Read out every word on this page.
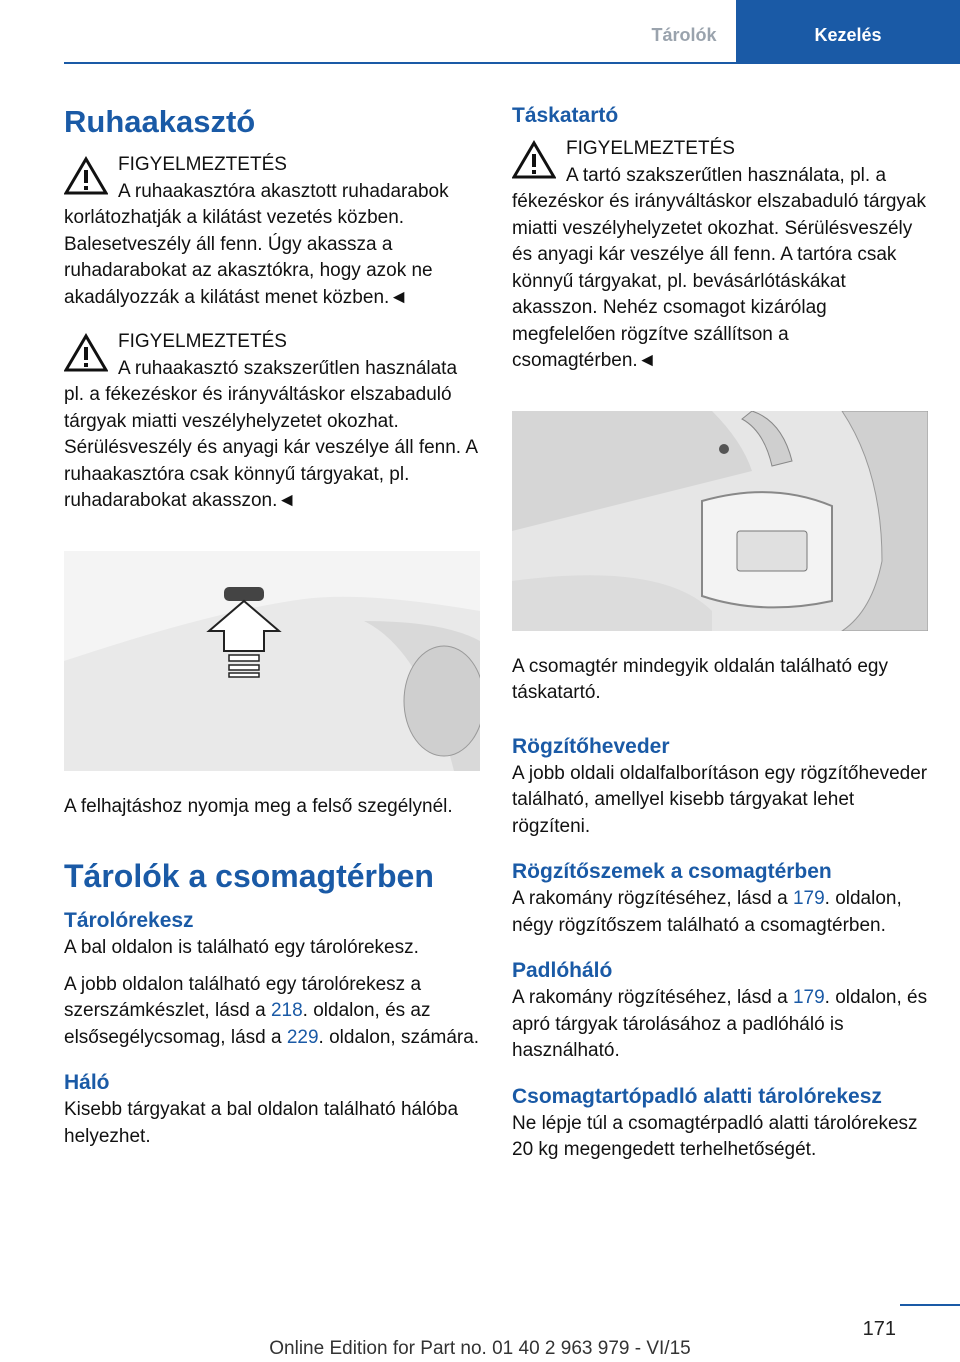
Tárolók	Kezelés
Ruhaakasztó

FIGYELMEZTETÉS

A ruhaakasztóra akasztott ruhadarabok korlátozhatják a kilátást vezetés közben. Balesetveszély áll fenn. Úgy akassza a ruhadarabokat az akasztókra, hogy azok ne akadályozzák a kilátást menet közben.◄

FIGYELMEZTETÉS

A ruhaakasztó szakszerűtlen használata pl. a fékezéskor és irányváltáskor elszabaduló tárgyak miatti veszélyhelyzetet okozhat. Sérülésveszély és anyagi kár veszélye áll fenn. A ruhaakasztóra csak könnyű tárgyakat, pl. ruhadarabokat akasszon.◄

A felhajtáshoz nyomja meg a felső szegélynél.

Tárolók a csomagtérben
Tárolórekesz

A bal oldalon is található egy tárolórekesz.

A jobb oldalon található egy tárolórekesz a szerszámkészlet, lásd a 218. oldalon, és az elsősegélycsomag, lásd a 229. oldalon, számára.

Háló

Kisebb tárgyakat a bal oldalon található hálóba helyezhet.

Táskatartó

FIGYELMEZTETÉS

A tartó szakszerűtlen használata, pl. a fékezéskor és irányváltáskor elszabaduló tárgyak miatti veszélyhelyzetet okozhat. Sérülésveszély és anyagi kár veszélye áll fenn. A tartóra csak könnyű tárgyakat, pl. bevásárlótáskákat akasszon. Nehéz csomagot kizárólag megfelelően rögzítve szállítson a csomagtérben.◄

A csomagtér mindegyik oldalán található egy táskatartó.

Rögzítőheveder

A jobb oldali oldalfalborításon egy rögzítőheveder található, amellyel kisebb tárgyakat lehet rögzíteni.

Rögzítőszemek a csomagtérben

A rakomány rögzítéséhez, lásd a 179. oldalon, négy rögzítőszem található a csomagtérben.

Padlóháló

A rakomány rögzítéséhez, lásd a 179. oldalon, és apró tárgyak tárolásához a padlóháló is használható.

Csomagtartópadló alatti tárolórekesz

Ne lépje túl a csomagtérpadló alatti tárolórekesz 20 kg megengedett terhelhetőségét.

171
Online Edition for Part no. 01 40 2 963 979 - VI/15
